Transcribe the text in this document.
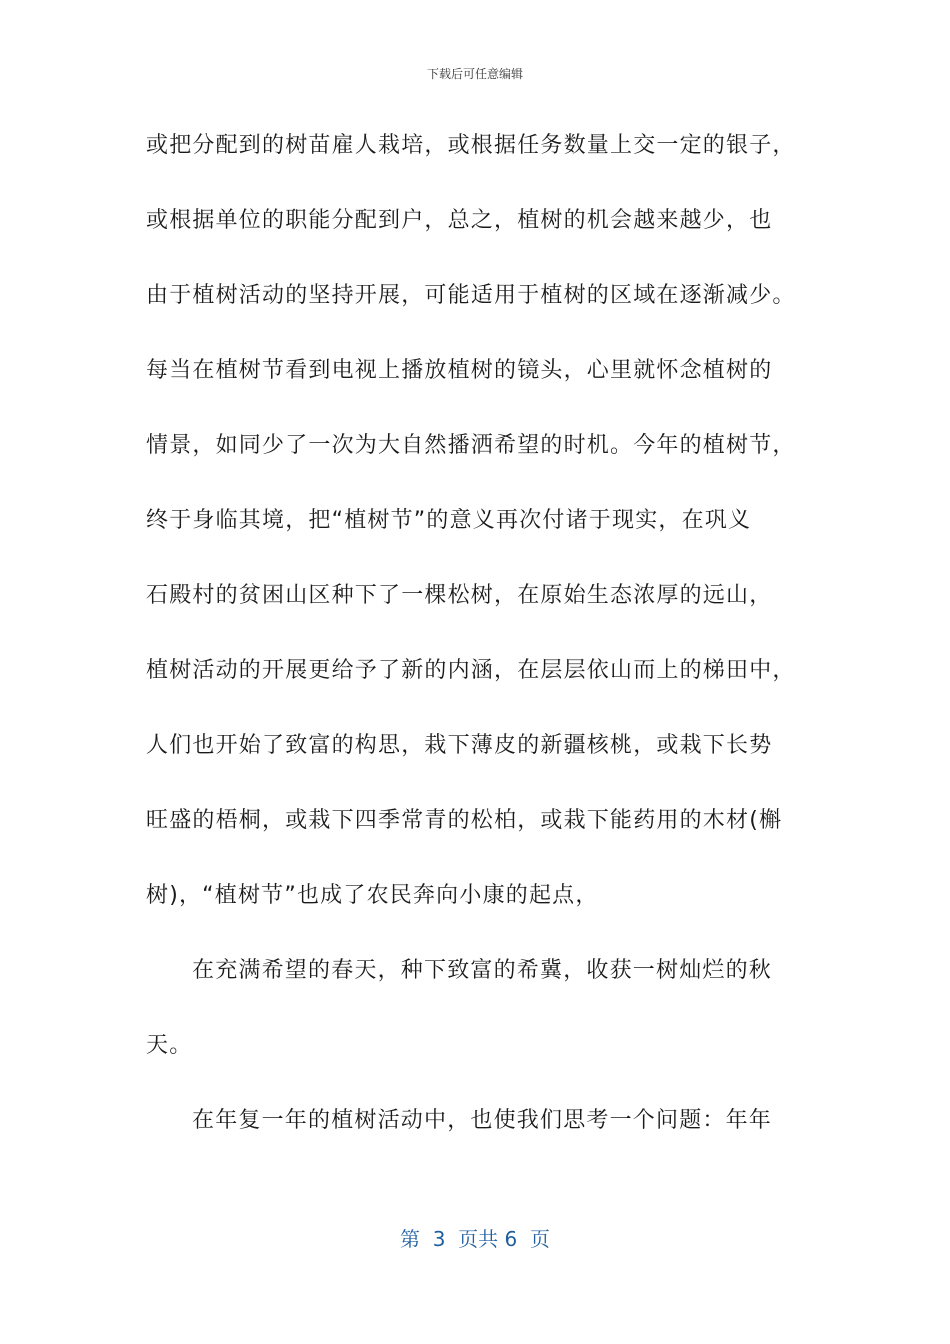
下载后可任意编辑
或把分配到的树苗雇人栽培，或根据任务数量上交一定的银子，
或根据单位的职能分配到户，总之，植树的机会越来越少，也
由于植树活动的坚持开展，可能适用于植树的区域在逐渐减少。
每当在植树节看到电视上播放植树的镜头，心里就怀念植树的
情景，如同少了一次为大自然播洒希望的时机。今年的植树节，
终于身临其境，把“植树节”的意义再次付诸于现实，在巩义
石殿村的贫困山区种下了一棵松树，在原始生态浓厚的远山，
植树活动的开展更给予了新的内涵，在层层依山而上的梯田中，
人们也开始了致富的构思，栽下薄皮的新疆核桃，或栽下长势
旺盛的梧桐，或栽下四季常青的松柏，或栽下能药用的木材(槲
树)，“植树节”也成了农民奔向小康的起点，
在充满希望的春天，种下致富的希冀，收获一树灿烂的秋
天。
在年复一年的植树活动中，也使我们思考一个问题：年年
第  3  页共 6  页
